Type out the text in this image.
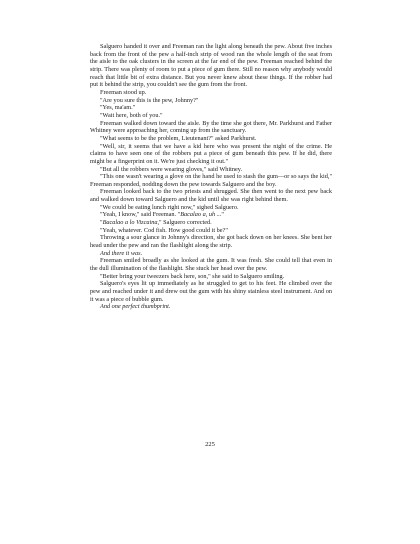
Salguero handed it over and Freeman ran the light along beneath the pew. About five inches back from the front of the pew a half-inch strip of wood ran the whole length of the seat from the aisle to the oak clusters in the screen at the far end of the pew. Freeman reached behind the strip. There was plenty of room to put a piece of gum there. Still no reason why anybody would reach that little bit of extra distance. But you never knew about these things. If the robber had put it behind the strip, you couldn't see the gum from the front.

Freeman stood up.

"Are you sure this is the pew, Johnny?"

"Yes, ma'am."

"Wait here, both of you."

Freeman walked down toward the aisle. By the time she got there, Mr. Parkhurst and Father Whitney were approaching her, coming up from the sanctuary.

"What seems to be the problem, Lieutenant?" asked Parkhurst.

"Well, sir, it seems that we have a kid here who was present the night of the crime. He claims to have seen one of the robbers put a piece of gum beneath this pew. If he did, there might be a fingerprint on it. We're just checking it out."

"But all the robbers were wearing gloves," said Whitney.

"This one wasn't wearing a glove on the hand he used to stash the gum—or so says the kid," Freeman responded, nodding down the pew towards Salguero and the boy.

Freeman looked back to the two priests and shrugged. She then went to the next pew back and walked down toward Salguero and the kid until she was right behind them.

"We could be eating lunch right now," sighed Salguero.

"Yeah, I know," said Freeman. "Bacalao a, uh ..."

"Bacalao a lo Vizcaina," Salguero corrected.

"Yeah, whatever. Cod fish. How good could it be?"

Throwing a sour glance in Johnny's direction, she got back down on her knees. She bent her head under the pew and ran the flashlight along the strip.

And there it was.

Freeman smiled broadly as she looked at the gum. It was fresh. She could tell that even in the dull illumination of the flashlight. She stuck her head over the pew.

"Better bring your tweezers back here, son," she said to Salguero smiling.

Salguero's eyes lit up immediately as he struggled to get to his feet. He climbed over the pew and reached under it and drew out the gum with his shiny stainless steel instrument. And on it was a piece of bubble gum.

And one perfect thumbprint.

225
